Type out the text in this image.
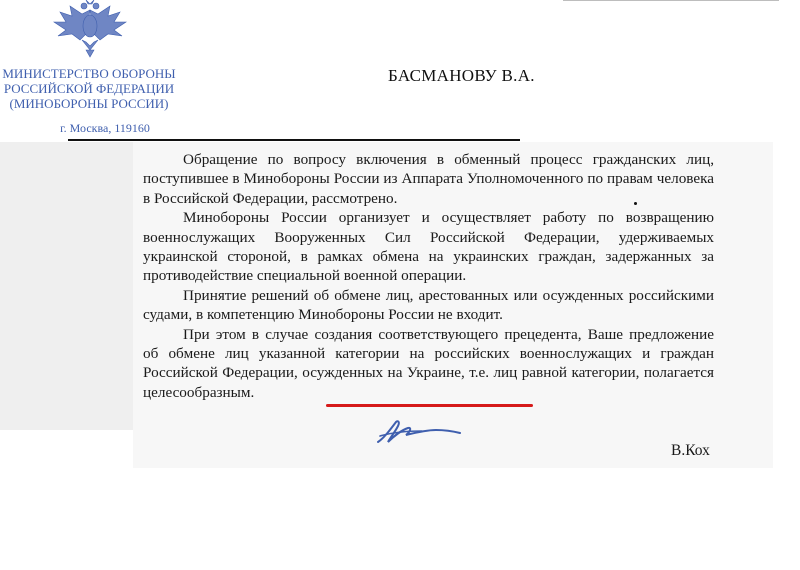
МИНИСТЕРСТВО ОБОРОНЫ
РОССИЙСКОЙ ФЕДЕРАЦИИ
(МИНОБОРОНЫ РОССИИ)
г. Москва, 119160
БАСМАНОВУ В.А.

Обращение по вопросу включения в обменный процесс гражданских лиц, поступившее в Минобороны России из Аппарата Уполномоченного по правам человека в Российской Федерации, рассмотрено.

Минобороны России организует и осуществляет работу по возвращению военнослужащих Вооруженных Сил Российской Федерации, удерживаемых украинской стороной, в рамках обмена на украинских граждан, задержанных за противодействие специальной военной операции.

Принятие решений об обмене лиц, арестованных или осужденных российскими судами, в компетенцию Минобороны России не входит.

При этом в случае создания соответствующего прецедента, Ваше предложение об обмене лиц указанной категории на российских военнослужащих и граждан Российской Федерации, осужденных на Украине, т.е. лиц равной категории, полагается целесообразным.

В.Кох
